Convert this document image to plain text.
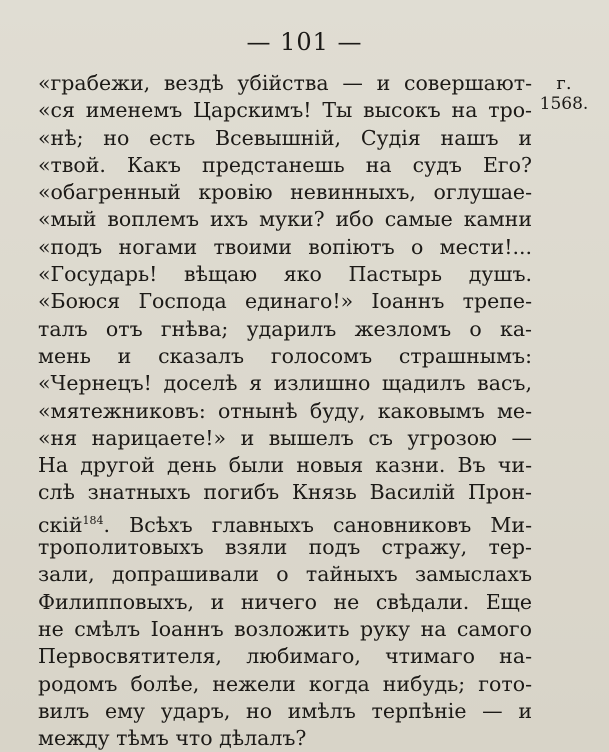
— 101 —
г.
1568.
«грабежи, вездѣ убійства — и совершают-
«ся именемъ Царскимъ! Ты высокъ на тро-
«нѣ; но есть Всевышній, Судія нашъ и
«твой. Какъ предстанешь на судъ Его?
«обагренный кровію невинныхъ, оглушае-
«мый воплемъ ихъ муки? ибо самые камни
«подъ ногами твоими вопіютъ о мести!...
«Государь! вѣщаю яко Пастырь душъ.
«Боюся Господа единаго!» Іоаннъ трепе-
талъ отъ гнѣва; ударилъ жезломъ о ка-
мень и сказалъ голосомъ страшнымъ:
«Чернецъ! доселѣ я излишно щадилъ васъ,
«мятежниковъ: отнынѣ буду, каковымъ ме-
«ня нарицаете!» и вышелъ съ угрозою —
На другой день были новыя казни. Въ чи-
слѣ знатныхъ погибъ Князь Василій Прон-
скій$^{184}$. Всѣхъ главныхъ сановниковъ Ми-
трополитовыхъ взяли подъ стражу, тер-
зали, допрашивали о тайныхъ замыслахъ
Филипповыхъ, и ничего не свѣдали. Еще
не смѣлъ Іоаннъ возложить руку на самого
Первосвятителя, любимаго, чтимаго на-
родомъ болѣе, нежели когда нибудь; гото-
вилъ ему ударъ, но имѣлъ терпѣніе — и
между тѣмъ что дѣлалъ?
